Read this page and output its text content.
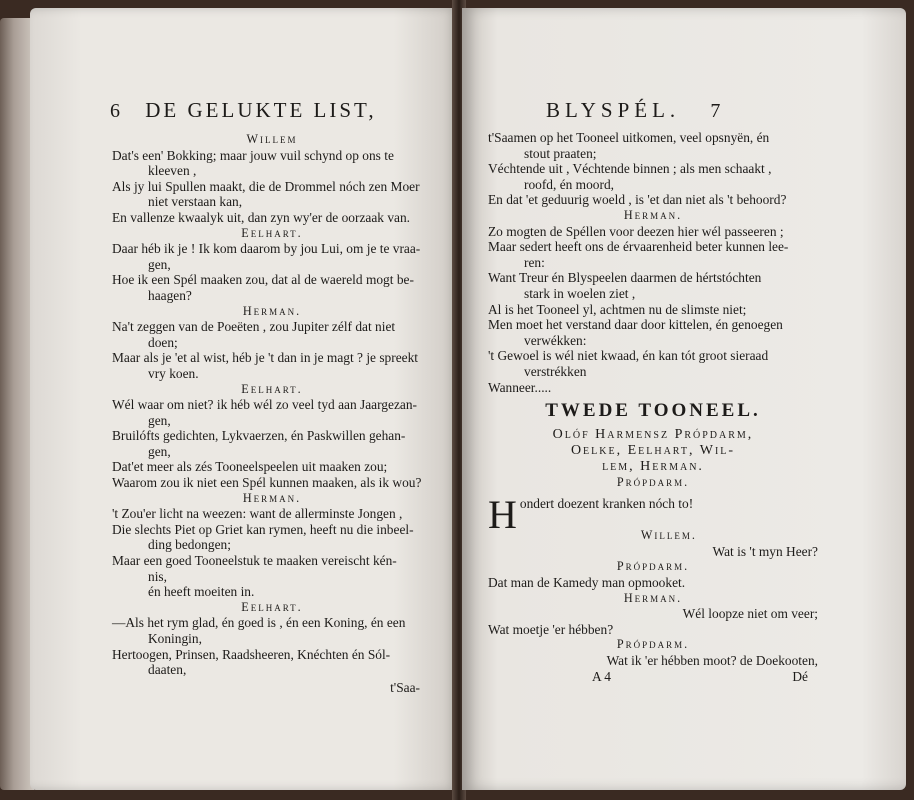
6 DE GELUKTE LIST,
Willem
Dat's een' Bokking; maar jouw vuil schynd op ons te
kleeven ,
Als jy lui Spullen maakt, die de Drommel nóch zen Moer
niet verstaan kan,
En vallenze kwaalyk uit, dan zyn wy'er de oorzaak van.
Eelhart.
Daar héb ik je ! Ik kom daarom by jou Lui, om je te vraa-
gen,
Hoe ik een Spél maaken zou, dat al de waereld mogt be-
haagen?
Herman.
Na't zeggen van de Poeëten , zou Jupiter zélf dat niet
doen;
Maar als je 'et al wist, héb je 't dan in je magt ? je spreekt
vry koen.
Eelhart.
Wél waar om niet? ik héb wél zo veel tyd aan Jaargezan-
gen,
Bruilófts gedichten, Lykvaerzen, én Paskwillen gehan-
gen,
Dat'et meer als zés Tooneelspeelen uit maaken zou;
Waarom zou ik niet een Spél kunnen maaken, als ik wou?
Herman.
't Zou'er licht na weezen: want de allerminste Jongen ,
Die slechts Piet op Griet kan rymen, heeft nu die inbeel-
ding bedongen;
Maar een goed Tooneelstuk te maaken vereischt kén-
nis,
én heeft moeiten in.
Eelhart.
—Als het rym glad, én goed is , én een Koning, én een
Koningin,
Hertoogen, Prinsen, Raadsheeren, Knéchten én Sól-
daaten,
t'Saa-
BLYSPÉL. 7
t'Saamen op het Tooneel uitkomen, veel opsnyën, én
stout praaten;
Véchtende uit , Véchtende binnen ; als men schaakt ,
roofd, én moord,
En dat 'et geduurig woeld , is 'et dan niet als 't behoord?
Herman.
Zo mogten de Spéllen voor deezen hier wél passeeren ;
Maar sedert heeft ons de érvaarenheid beter kunnen lee-
ren:
Want Treur én Blyspeelen daarmen de hértstóchten
stark in woelen ziet ,
Al is het Tooneel yl, achtmen nu de slimste niet;
Men moet het verstand daar door kittelen, én genoegen
verwékken:
't Gewoel is wél niet kwaad, én kan tót groot sieraad
verstrékken
Wanneer.....
TWEDE TOONEEL.
Olóf Harmensz Própdarm,
Oelke, Eelhart, Wil-
lem, Herman.
Própdarm.
Hondert doezent kranken nóch to!
Willem.
Wat is 't myn Heer?
Própdarm.
Dat man de Kamedy man opmooket.
Herman.
Wél loopze niet om veer;
Wat moetje 'er hébben?
Própdarm.
Wat ik 'er hébben moot? de Doekooten,
A 4	Dé
